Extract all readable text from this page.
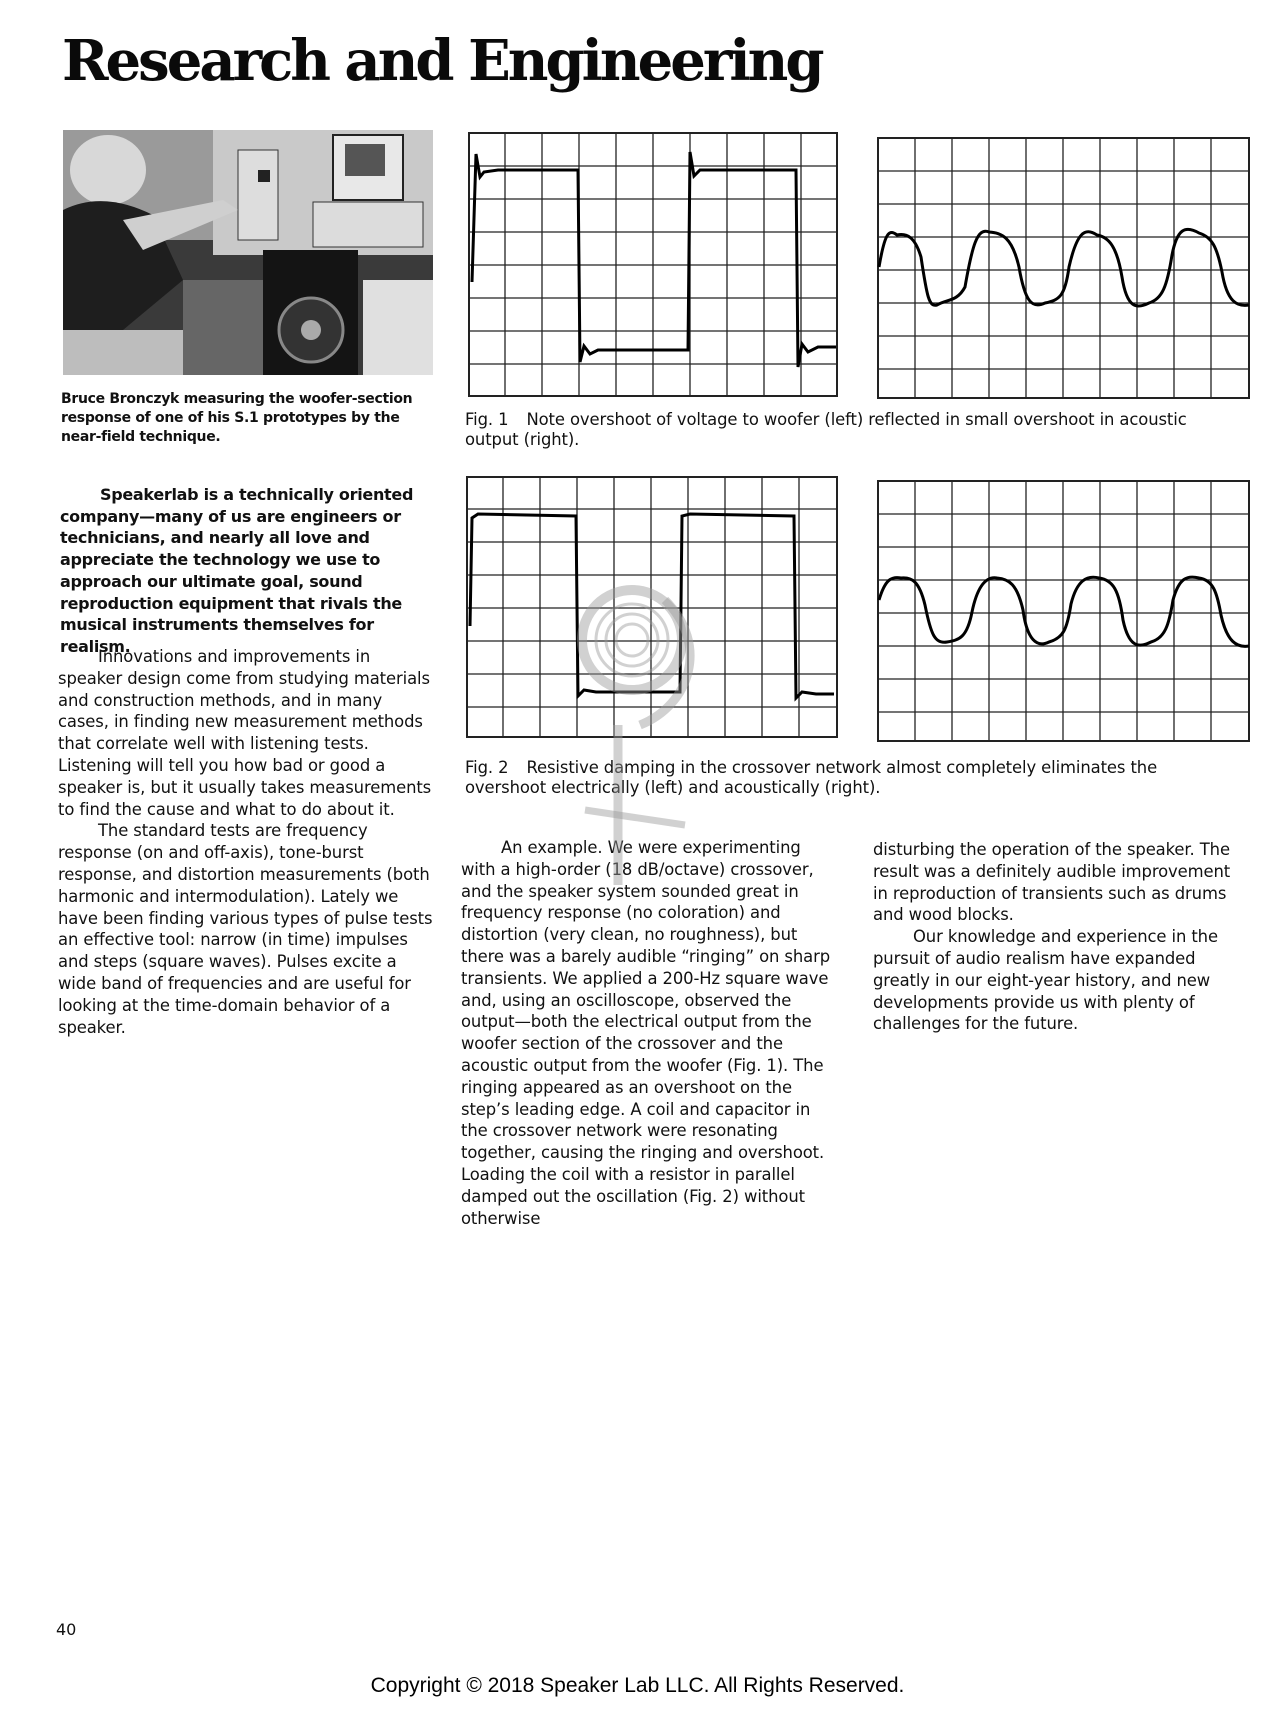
Research and Engineering
Bruce Bronczyk measuring the woofer-section response of one of his S.1 prototypes by the near-field technique.
Fig. 1 Note overshoot of voltage to woofer (left) reflected in small overshoot in acoustic output (right).
Fig. 2 Resistive damping in the crossover network almost completely eliminates the overshoot electrically (left) and acoustically (right).

Speakerlab is a technically oriented company—many of us are engineers or technicians, and nearly all love and appreciate the technology we use to approach our ultimate goal, sound reproduction equipment that rivals the musical instruments themselves for realism.

Innovations and improvements in speaker design come from studying materials and construction methods, and in many cases, in finding new measurement methods that correlate well with listening tests. Listening will tell you how bad or good a speaker is, but it usually takes measurements to find the cause and what to do about it.

The standard tests are frequency response (on and off-axis), tone-burst response, and distortion measurements (both harmonic and intermodulation). Lately we have been finding various types of pulse tests an effective tool: narrow (in time) impulses and steps (square waves). Pulses excite a wide band of frequencies and are useful for looking at the time-domain behavior of a speaker.

An example. We were experimenting with a high-order (18 dB/octave) crossover, and the speaker system sounded great in frequency response (no coloration) and distortion (very clean, no roughness), but there was a barely audible “ringing” on sharp transients. We applied a 200-Hz square wave and, using an oscilloscope, observed the output—both the electrical output from the woofer section of the crossover and the acoustic output from the woofer (Fig. 1). The ringing appeared as an overshoot on the step’s leading edge. A coil and capacitor in the crossover network were resonating together, causing the ringing and overshoot. Loading the coil with a resistor in parallel damped out the oscillation (Fig. 2) without otherwise

disturbing the operation of the speaker. The result was a definitely audible improvement in reproduction of transients such as drums and wood blocks.

Our knowledge and experience in the pursuit of audio realism have expanded greatly in our eight-year history, and new developments provide us with plenty of challenges for the future.

40
Copyright © 2018 Speaker Lab LLC. All Rights Reserved.
